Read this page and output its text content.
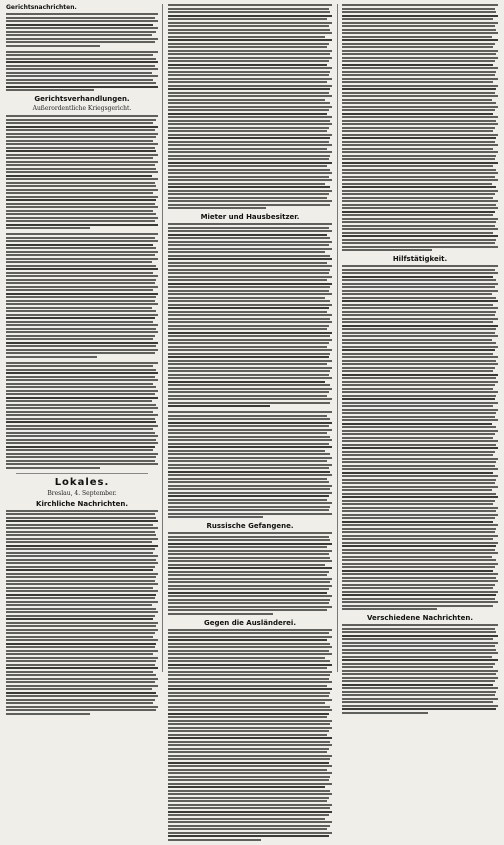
Gerichtsnachrichten.
Gerichtsverhandlungen.
Außerordentliche Kriegsgericht.
Lokales.
Breslau, 4. September.
Kirchliche Nachrichten.
Mieter und Hausbesitzer.
Russische Gefangene.
Gegen die Ausländerei.
Hilfstätigkeit.
Verschiedene Nachrichten.
